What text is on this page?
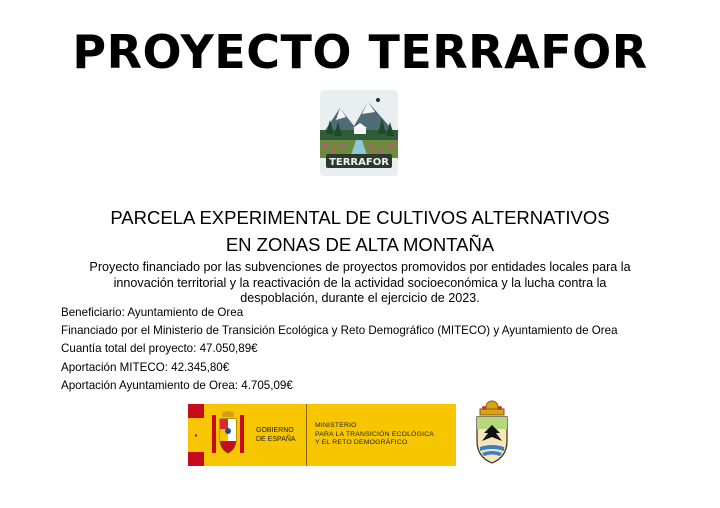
PROYECTO TERRAFOR
TERRAFOR
PARCELA EXPERIMENTAL DE CULTIVOS ALTERNATIVOS
EN ZONAS DE ALTA MONTAÑA
Proyecto financiado por las subvenciones de proyectos promovidos por entidades locales para la
innovación territorial y la reactivación de la actividad socioeconómica y la lucha contra la
despoblación, durante el ejercicio de 2023.
Beneficiario: Ayuntamiento de Orea
Financiado por el Ministerio de Transición Ecológica y Reto Demográfico (MITECO) y Ayuntamiento de Orea
Cuantía total del proyecto: 47.050,89€
Aportación MITECO: 42.345,80€
Aportación Ayuntamiento de Orea: 4.705,09€
▪	GOBIERNO
DE ESPAÑA
MINISTERIO
PARA LA TRANSICIÓN ECOLÓGICA
Y EL RETO DEMOGRÁFICO
